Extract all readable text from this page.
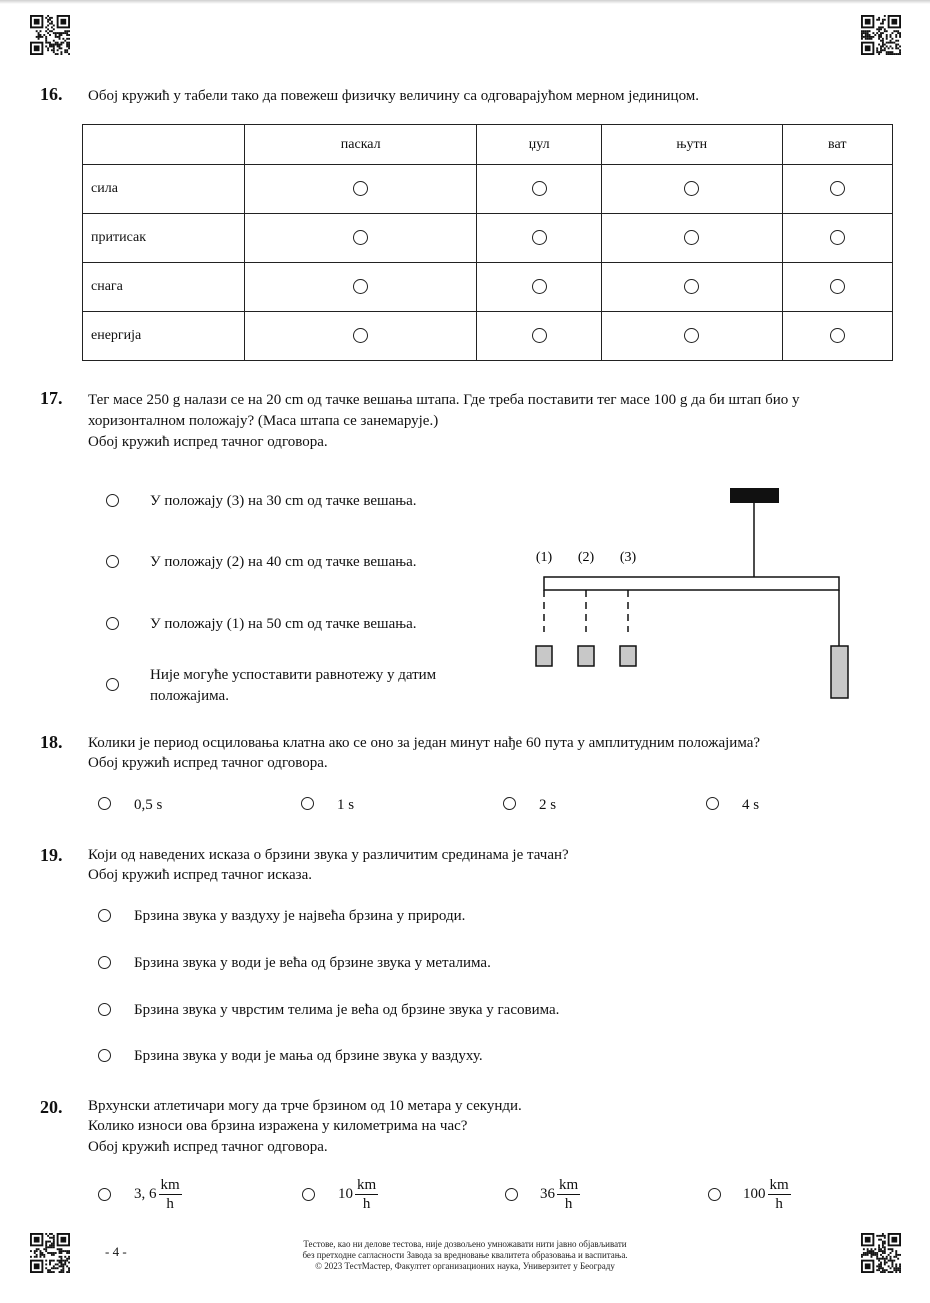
16. Обој кружић у табели тако да повежеш физичку величину са одговарајућом мерном јединицом.
	паскал	џул	њутн	ват
сила				
притисак				
снага				
енергија				
17. Тег масе 250 g налази се на 20 cm од тачке вешања штапа. Где треба поставити тег масе 100 g да би штап био у
хоризонталном положају? (Маса штапа се занемарује.)
Обој кружић испред тачног одговора.
У положају (3) на 30 cm од тачке вешања.
У положају (2) на 40 cm од тачке вешања.
У положају (1) на 50 cm од тачке вешања.
Није могуће успоставити равнотежу у датим
положајима.
(1) (2) (3)
18. Колики је период осциловања клатна ако се оно за један минут нађе 60 пута у амплитудним положајима?
Обој кружић испред тачног одговора.
0,5 s	1 s	2 s	4 s
19. Који од наведених исказа о брзини звука у различитим срединама је тачан?
Обој кружић испред тачног исказа.
Брзина звука у ваздуху је највећа брзина у природи.
Брзина звука у води је већа од брзине звука у металима.
Брзина звука у чврстим телима је већа од брзине звука у гасовима.
Брзина звука у води је мања од брзине звука у ваздуху.
20. Врхунски атлетичари могу да трче брзином од 10 метара у секунди.
Колико износи ова брзина изражена у километрима на час?
Обој кружић испред тачног одговора.
3, $6 \frac{km}{h}$	$10 \frac{km}{h}$	$36 \frac{km}{h}$	$100 \frac{km}{h}$
- 4 -	Тестове, као ни делове тестова, није дозвољено умножавати нити јавно објављивати
без претходне сагласности Завода за вредновање квалитета образовања и васпитања.
© 2023 ТестМастер, Факултет организационих наука, Универзитет у Београду
